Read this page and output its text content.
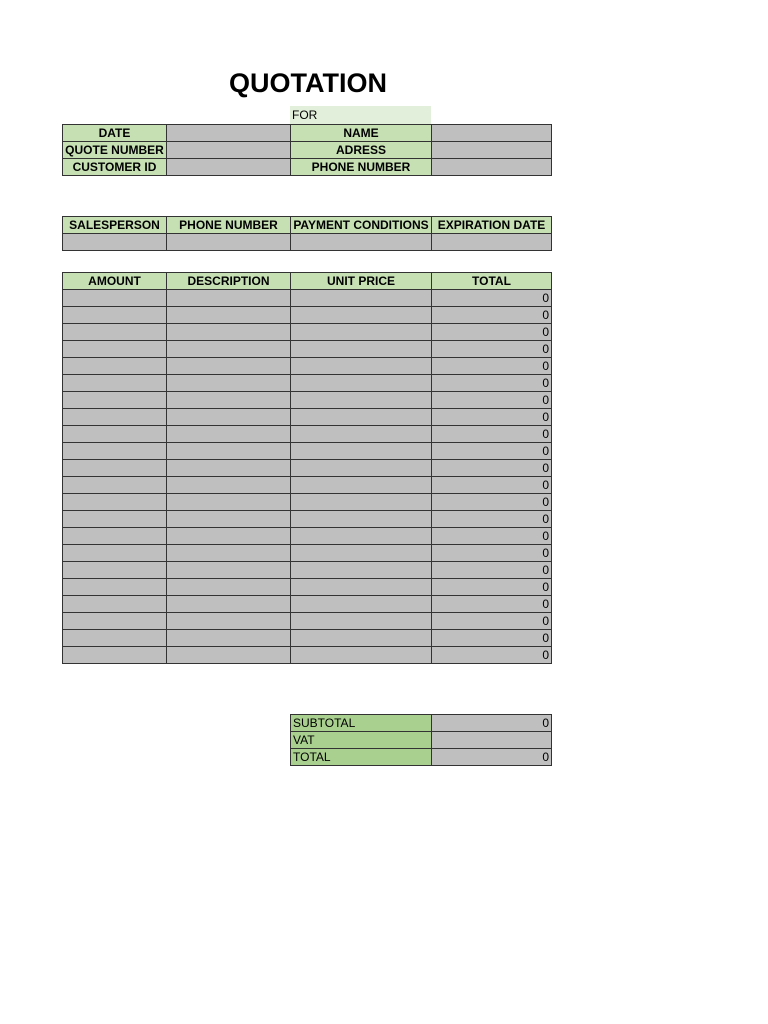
QUOTATION
FOR
DATE		NAME	
QUOTE NUMBER		ADRESS	
CUSTOMER ID		PHONE NUMBER	
SALESPERSON	PHONE NUMBER	PAYMENT CONDITIONS	EXPIRATION DATE

AMOUNT	DESCRIPTION	UNIT PRICE	TOTAL
			0
			0
			0
			0
			0
			0
			0
			0
			0
			0
			0
			0
			0
			0
			0
			0
			0
			0
			0
			0
			0
			0
SUBTOTAL	0
VAT	
TOTAL	0
